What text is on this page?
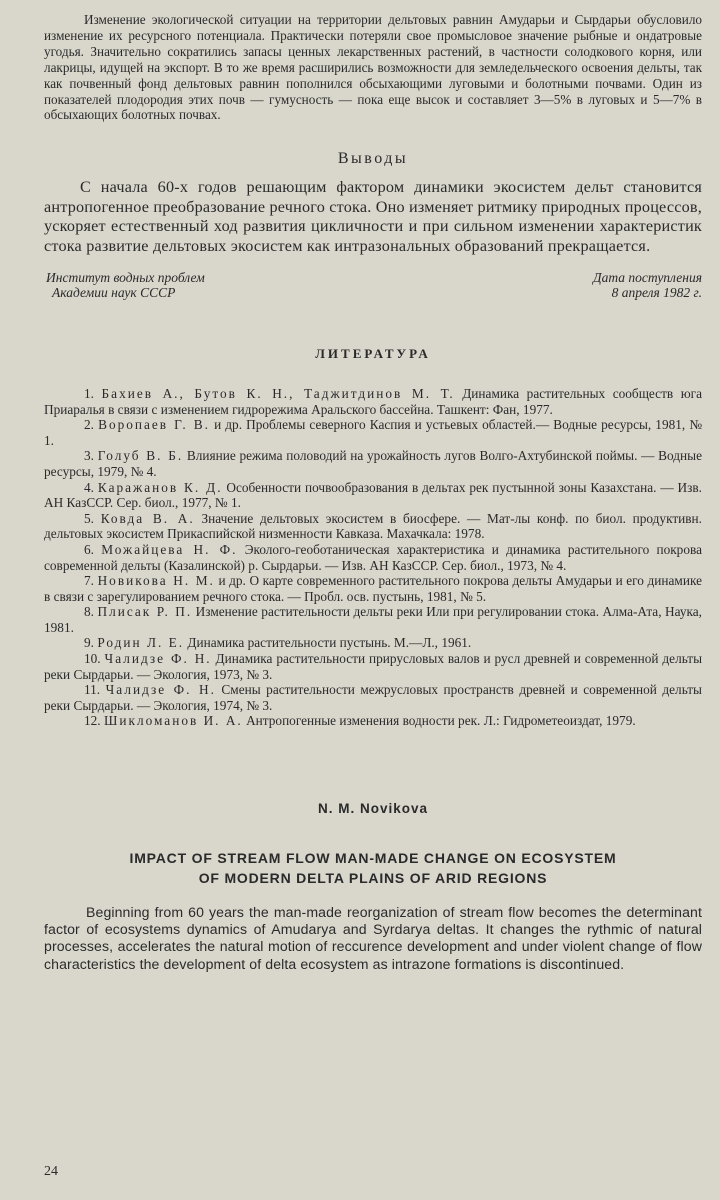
Изменение экологической ситуации на территории дельтовых равнин Амударьи и Сырдарьи обусловило изменение их ресурсного потенциала. Практически потеряли свое промысловое значение рыбные и ондатровые угодья. Значительно сократились запасы ценных лекарственных растений, в частности солодкового корня, или лакрицы, идущей на экспорт. В то же время расширились возможности для земледельческого освоения дельты, так как почвенный фонд дельтовых равнин пополнился обсыхающими луговыми и болотными почвами. Один из показателей плодородия этих почв — гумусность — пока еще высок и составляет 3—5% в луговых и 5—7% в обсыхающих болотных почвах.

Выводы

С начала 60-х годов решающим фактором динамики экосистем дельт становится антропогенное преобразование речного стока. Оно изменяет ритмику природных процессов, ускоряет естественный ход развития цикличности и при сильном изменении характеристик стока развитие дельтовых экосистем как интразональных образований прекращается.

Институт водных проблем
Академии наук СССР
Дата поступления
8 апреля 1982 г.
ЛИТЕРАТУРА

1. Бахиев А., Бутов К. Н., Таджитдинов М. Т. Динамика растительных сообществ юга Приаралья в связи с изменением гидрорежима Аральского бассейна. Ташкент: Фан, 1977.

2. Воропаев Г. В. и др. Проблемы северного Каспия и устьевых областей.— Водные ресурсы, 1981, № 1.

3. Голуб В. Б. Влияние режима половодий на урожайность лугов Волго-Ахтубинской поймы. — Водные ресурсы, 1979, № 4.

4. Каражанов К. Д. Особенности почвообразования в дельтах рек пустынной зоны Казахстана. — Изв. АН КазССР. Сер. биол., 1977, № 1.

5. Ковда В. А. Значение дельтовых экосистем в биосфере. — Мат-лы конф. по биол. продуктивн. дельтовых экосистем Прикаспийской низменности Кавказа. Махачкала: 1978.

6. Можайцева Н. Ф. Эколого-геоботаническая характеристика и динамика растительного покрова современной дельты (Казалинской) р. Сырдарьи. — Изв. АН КазССР. Сер. биол., 1973, № 4.

7. Новикова Н. М. и др. О карте современного растительного покрова дельты Амударьи и его динамике в связи с зарегулированием речного стока. — Пробл. осв. пустынь, 1981, № 5.

8. Плисак Р. П. Изменение растительности дельты реки Или при регулировании стока. Алма-Ата, Наука, 1981.

9. Родин Л. Е. Динамика растительности пустынь. М.—Л., 1961.

10. Чалидзе Ф. Н. Динамика растительности прирусловых валов и русл древней и современной дельты реки Сырдарьи. — Экология, 1973, № 3.

11. Чалидзе Ф. Н. Смены растительности межрусловых пространств древней и современной дельты реки Сырдарьи. — Экология, 1974, № 3.

12. Шикломанов И. А. Антропогенные изменения водности рек. Л.: Гидрометеоиздат, 1979.

N. M. Novikova
IMPACT OF STREAM FLOW MAN-MADE CHANGE ON ECOSYSTEM
OF MODERN DELTA PLAINS OF ARID REGIONS

Beginning from 60 years the man-made reorganization of stream flow becomes the determinant factor of ecosystems dynamics of Amudarya and Syrdarya deltas. It changes the rythmic of natural processes, accelerates the natural motion of reccurence development and under violent change of flow characteristics the development of delta ecosystem as intrazone formations is discontinued.

24
